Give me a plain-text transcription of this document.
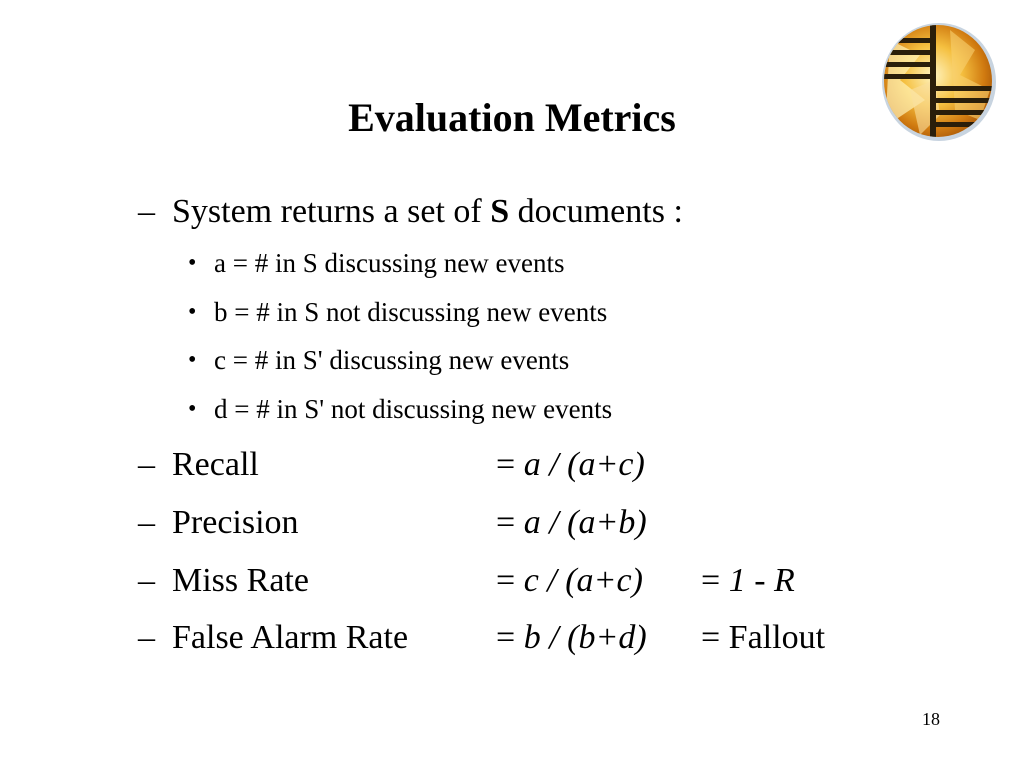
Evaluation Metrics
– System returns a set of S documents :
• a = # in S discussing new events
• b = # in S not discussing new events
• c = # in S' discussing new events
• d = # in S' not discussing new events
– Recall	= a / (a+c)
– Precision	= a / (a+b)
– Miss Rate	= c / (a+c) = 1 - R
– False Alarm Rate	= b / (b+d) = Fallout
18
